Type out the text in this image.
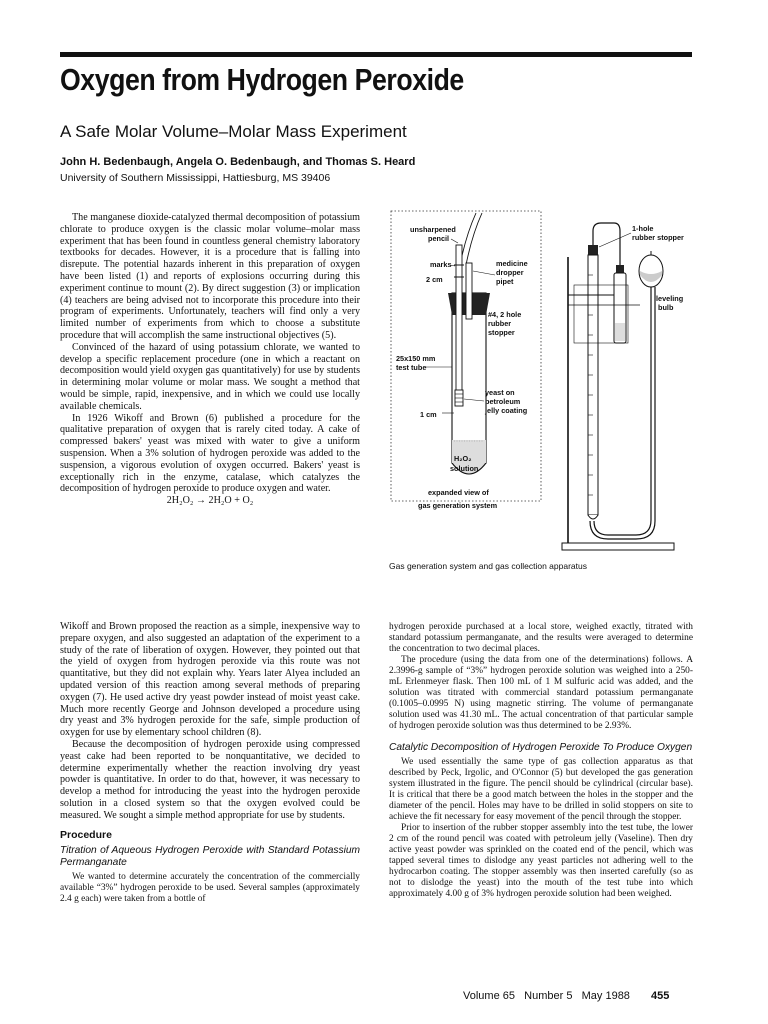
Oxygen from Hydrogen Peroxide
A Safe Molar Volume–Molar Mass Experiment
John H. Bedenbaugh, Angela O. Bedenbaugh, and Thomas S. Heard
University of Southern Mississippi, Hattiesburg, MS 39406

The manganese dioxide-catalyzed thermal decomposition of potassium chlorate to produce oxygen is the classic molar volume–molar mass experiment that has been found in countless general chemistry laboratory textbooks for decades. However, it is a procedure that is falling into disrepute. The potential hazards inherent in this preparation of oxygen have been listed (1) and reports of explosions occurring during this experiment continue to mount (2). By direct suggestion (3) or implication (4) teachers are being advised not to incorporate this procedure into their program of experiments. Unfortunately, teachers will find only a very limited number of experiments from which to choose a substitute procedure that will accomplish the same instructional objectives (5).

Convinced of the hazard of using potassium chlorate, we wanted to develop a specific replacement procedure (one in which a reactant on decomposition would yield oxygen gas quantitatively) for use by students in determining molar volume or molar mass. We sought a method that would be simple, rapid, inexpensive, and in which we could use locally available chemicals.

In 1926 Wikoff and Brown (6) published a procedure for the qualitative preparation of oxygen that is rarely cited today. A cake of compressed bakers' yeast was mixed with water to give a uniform suspension. When a 3% solution of hydrogen peroxide was added to the suspension, a vigorous evolution of oxygen occurred. Bakers' yeast is exceptionally rich in the enzyme, catalase, which catalyzes the decomposition of hydrogen peroxide to produce oxygen and water.

2H₂O₂ → 2H₂O + O₂

Wikoff and Brown proposed the reaction as a simple, inexpensive way to prepare oxygen, and also suggested an adaptation of the experiment to a study of the rate of liberation of oxygen. However, they pointed out that the yield of oxygen from hydrogen peroxide via this route was not quantitative, but they did not explain why. Years later Alyea included an updated version of this reaction among several methods of preparing oxygen (7). He used active dry yeast powder instead of moist yeast cake. Much more recently George and Johnson developed a procedure using dry yeast and 3% hydrogen peroxide for the safe, simple production of oxygen for use by elementary school children (8).

Because the decomposition of hydrogen peroxide using compressed yeast cake had been reported to be nonquantitative, we decided to determine experimentally whether the reaction involving dry yeast powder is quantitative. In order to do that, however, it was necessary to develop a method for introducing the yeast into the hydrogen peroxide solution in a closed system so that the oxygen evolved could be measured. We sought a simple method appropriate for use by students.

Procedure
Titration of Aqueous Hydrogen Peroxide with Standard Potassium Permanganate

We wanted to determine accurately the concentration of the commercially available “3%” hydrogen peroxide to be used. Several samples (approximately 2.4 g each) were taken from a bottle of

unsharpened
pencil
marks
2 cm
medicine
dropper
pipet
#4, 2 hole
rubber
stopper
25x150 mm
test tube
yeast on
petroleum
jelly coating
1 cm
H₂O₂
solution
expanded view of
gas generation system
1-hole
rubber stopper
leveling
bulb
Gas generation system and gas collection apparatus

hydrogen peroxide purchased at a local store, weighed exactly, titrated with standard potassium permanganate, and the results were averaged to determine the concentration to two decimal places.

The procedure (using the data from one of the determinations) follows. A 2.3996-g sample of “3%” hydrogen peroxide solution was weighed into a 250-mL Erlenmeyer flask. Then 100 mL of 1 M sulfuric acid was added, and the solution was titrated with commercial standard potassium permanganate (0.1005–0.0995 N) using magnetic stirring. The volume of permanganate solution used was 41.30 mL. The actual concentration of that particular sample of hydrogen peroxide solution was thus determined to be 2.93%.

Catalytic Decomposition of Hydrogen Peroxide To Produce Oxygen

We used essentially the same type of gas collection apparatus as that described by Peck, Irgolic, and O'Connor (5) but developed the gas generation system illustrated in the figure. The pencil should be cylindrical (circular base). It is critical that there be a good match between the holes in the stopper and the diameter of the pencil. Holes may have to be drilled in solid stoppers on site to achieve the fit necessary for easy movement of the pencil through the stopper.

Prior to insertion of the rubber stopper assembly into the test tube, the lower 2 cm of the round pencil was coated with petroleum jelly (Vaseline). Then dry active yeast powder was sprinkled on the coated end of the pencil, which was tapped several times to dislodge any yeast particles not adhering well to the hydrocarbon coating. The stopper assembly was then inserted carefully (so as not to dislodge the yeast) into the mouth of the test tube into which approximately 4.00 g of 3% hydrogen peroxide solution had been weighed.

Volume 65   Number 5   May 1988 455
